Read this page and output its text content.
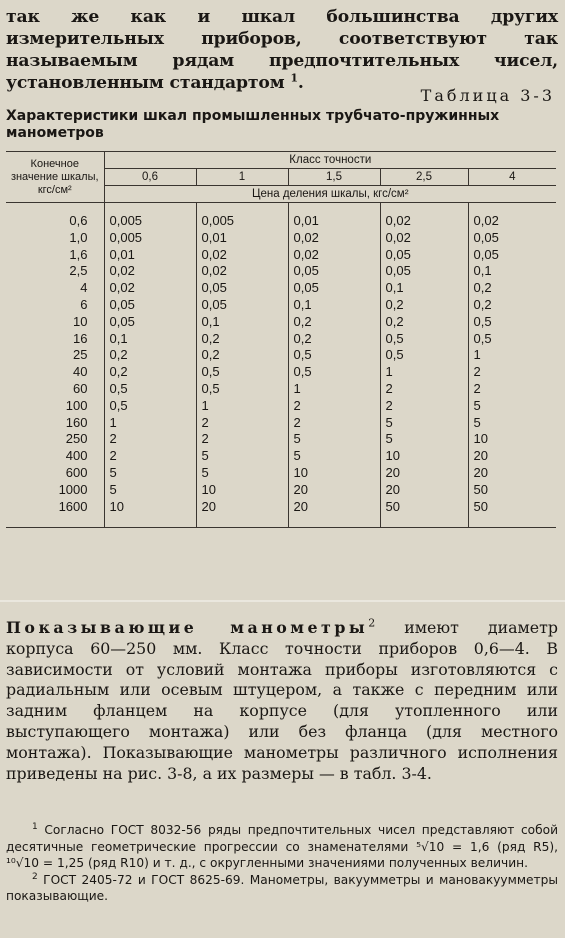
так же как и шкал большинства других измерительных приборов, соответствуют так называемым рядам предпочтительных чисел, установленным стандартом $^1$.

Таблица 3-3
Характеристики шкал промышленных трубчато-пружинных манометров
Конечное значение шкалы, кгс/см²	Класс точности				
	0,6	1	1,5	2,5	4
	Цена деления шкалы, кгс/см²				
0,6	0,005	0,005	0,01	0,02	0,02
1,0	0,005	0,01	0,02	0,02	0,05
1,6	0,01	0,02	0,02	0,05	0,05
2,5	0,02	0,02	0,05	0,05	0,1
4	0,02	0,05	0,05	0,1	0,2
6	0,05	0,05	0,1	0,2	0,2
10	0,05	0,1	0,2	0,2	0,5
16	0,1	0,2	0,2	0,5	0,5
25	0,2	0,2	0,5	0,5	1
40	0,2	0,5	0,5	1	2
60	0,5	0,5	1	2	2
100	0,5	1	2	2	5
160	1	2	2	5	5
250	2	2	5	5	10
400	2	5	5	10	20
600	5	5	10	20	20
1000	5	10	20	20	50
1600	10	20	20	50	50

Показывающие манометры$^2$ имеют диаметр корпуса 60—250 мм. Класс точности приборов 0,6—4. В зависимости от условий монтажа приборы изготовляются с радиальным или осевым штуцером, а также с передним или задним фланцем на корпусе (для утопленного или выступающего монтажа) или без фланца (для местного монтажа). Показывающие манометры различного исполнения приведены на рис. 3-8, а их размеры — в табл. 3-4.

$^1$ Согласно ГОСТ 8032-56 ряды предпочтительных чисел представляют собой десятичные геометрические прогрессии со знаменателями ⁵√10 = 1,6 (ряд R5), ¹⁰√10 = 1,25 (ряд R10) и т. д., с округленными значениями полученных величин.

$^2$ ГОСТ 2405-72 и ГОСТ 8625-69. Манометры, вакуумметры и мановакуумметры показывающие.
